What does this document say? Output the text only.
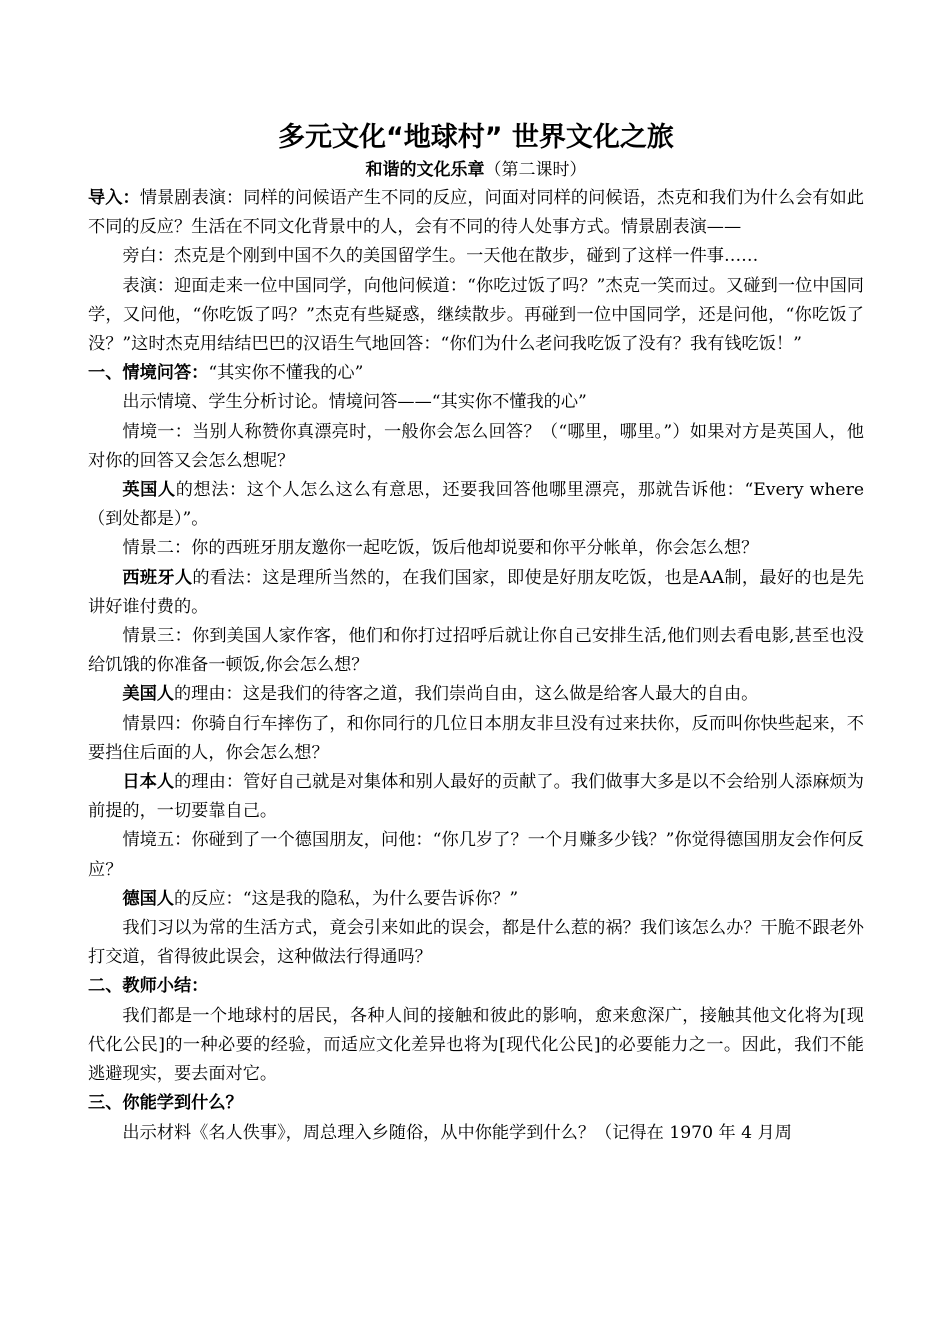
多元文化“地球村” 世界文化之旅
和谐的文化乐章（第二课时）

导入：情景剧表演：同样的问候语产生不同的反应，问面对同样的问候语，杰克和我们为什么会有如此不同的反应？生活在不同文化背景中的人，会有不同的待人处事方式。情景剧表演——

旁白：杰克是个刚到中国不久的美国留学生。一天他在散步，碰到了这样一件事……

表演：迎面走来一位中国同学，向他问候道：“你吃过饭了吗？”杰克一笑而过。又碰到一位中国同学，又问他，“你吃饭了吗？”杰克有些疑惑，继续散步。再碰到一位中国同学，还是问他，“你吃饭了没？”这时杰克用结结巴巴的汉语生气地回答：“你们为什么老问我吃饭了没有？我有钱吃饭！”

一、情境问答：“其实你不懂我的心”

出示情境、学生分析讨论。情境问答——“其实你不懂我的心”

情境一：当别人称赞你真漂亮时，一般你会怎么回答？（“哪里，哪里。”）如果对方是英国人，他对你的回答又会怎么想呢？

英国人的想法：这个人怎么这么有意思，还要我回答他哪里漂亮，那就告诉他：“Every where（到处都是）”。

情景二：你的西班牙朋友邀你一起吃饭，饭后他却说要和你平分帐单，你会怎么想？

西班牙人的看法：这是理所当然的，在我们国家，即使是好朋友吃饭，也是AA制，最好的也是先讲好谁付费的。

情景三：你到美国人家作客，他们和你打过招呼后就让你自己安排生活,他们则去看电影,甚至也没给饥饿的你准备一顿饭,你会怎么想？

美国人的理由：这是我们的待客之道，我们崇尚自由，这么做是给客人最大的自由。

情景四：你骑自行车摔伤了，和你同行的几位日本朋友非旦没有过来扶你，反而叫你快些起来，不要挡住后面的人，你会怎么想？

日本人的理由：管好自己就是对集体和别人最好的贡献了。我们做事大多是以不会给别人添麻烦为前提的，一切要靠自己。

情境五：你碰到了一个德国朋友，问他：“你几岁了？一个月赚多少钱？”你觉得德国朋友会作何反应？

德国人的反应：“这是我的隐私，为什么要告诉你？”

我们习以为常的生活方式，竟会引来如此的误会，都是什么惹的祸？我们该怎么办？干脆不跟老外打交道，省得彼此误会，这种做法行得通吗？

二、教师小结：

我们都是一个地球村的居民，各种人间的接触和彼此的影响，愈来愈深广，接触其他文化将为[现代化公民]的一种必要的经验，而适应文化差异也将为[现代化公民]的必要能力之一。因此，我们不能逃避现实，要去面对它。

三、你能学到什么？

出示材料《名人佚事》，周总理入乡随俗，从中你能学到什么？（记得在 1970 年 4 月周
